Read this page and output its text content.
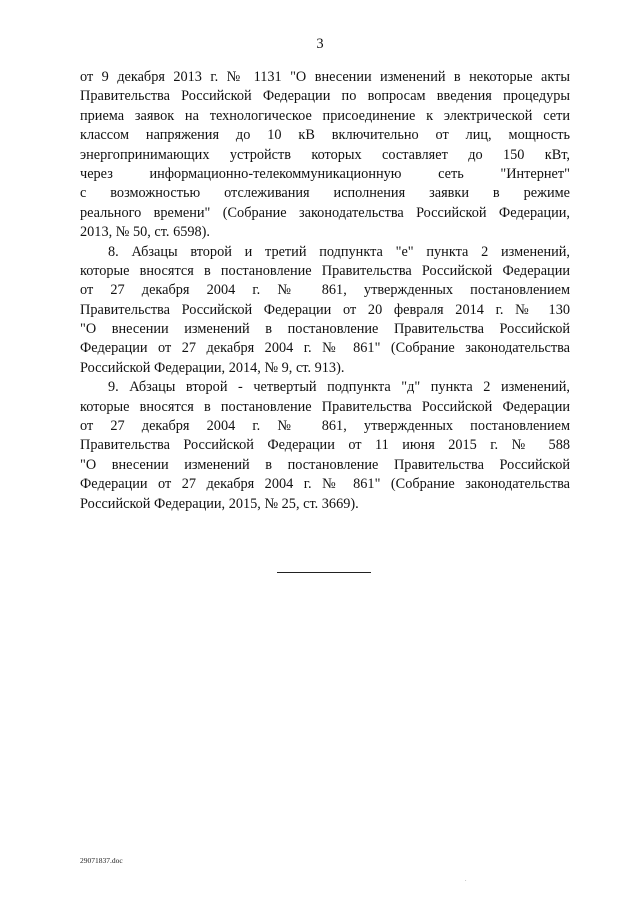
3
от 9 декабря 2013 г. № 1131 "О внесении изменений в некоторые акты
Правительства Российской Федерации по вопросам введения процедуры
приема заявок на технологическое присоединение к электрической сети
классом напряжения до 10 кВ включительно от лиц, мощность
энергопринимающих устройств которых составляет до 150 кВт,
через информационно-телекоммуникационную сеть "Интернет"
с возможностью отслеживания исполнения заявки в режиме
реального времени" (Собрание законодательства Российской Федерации,
2013, № 50, ст. 6598).
8. Абзацы второй и третий подпункта "е" пункта 2 изменений,
которые вносятся в постановление Правительства Российской Федерации
от 27 декабря 2004 г. № 861, утвержденных постановлением
Правительства Российской Федерации от 20 февраля 2014 г. № 130
"О внесении изменений в постановление Правительства Российской
Федерации от 27 декабря 2004 г. № 861" (Собрание законодательства
Российской Федерации, 2014, № 9, ст. 913).
9. Абзацы второй - четвертый подпункта "д" пункта 2 изменений,
которые вносятся в постановление Правительства Российской Федерации
от 27 декабря 2004 г. № 861, утвержденных постановлением
Правительства Российской Федерации от 11 июня 2015 г. № 588
"О внесении изменений в постановление Правительства Российской
Федерации от 27 декабря 2004 г. № 861" (Собрание законодательства
Российской Федерации, 2015, № 25, ст. 3669).
29071837.doc
.
